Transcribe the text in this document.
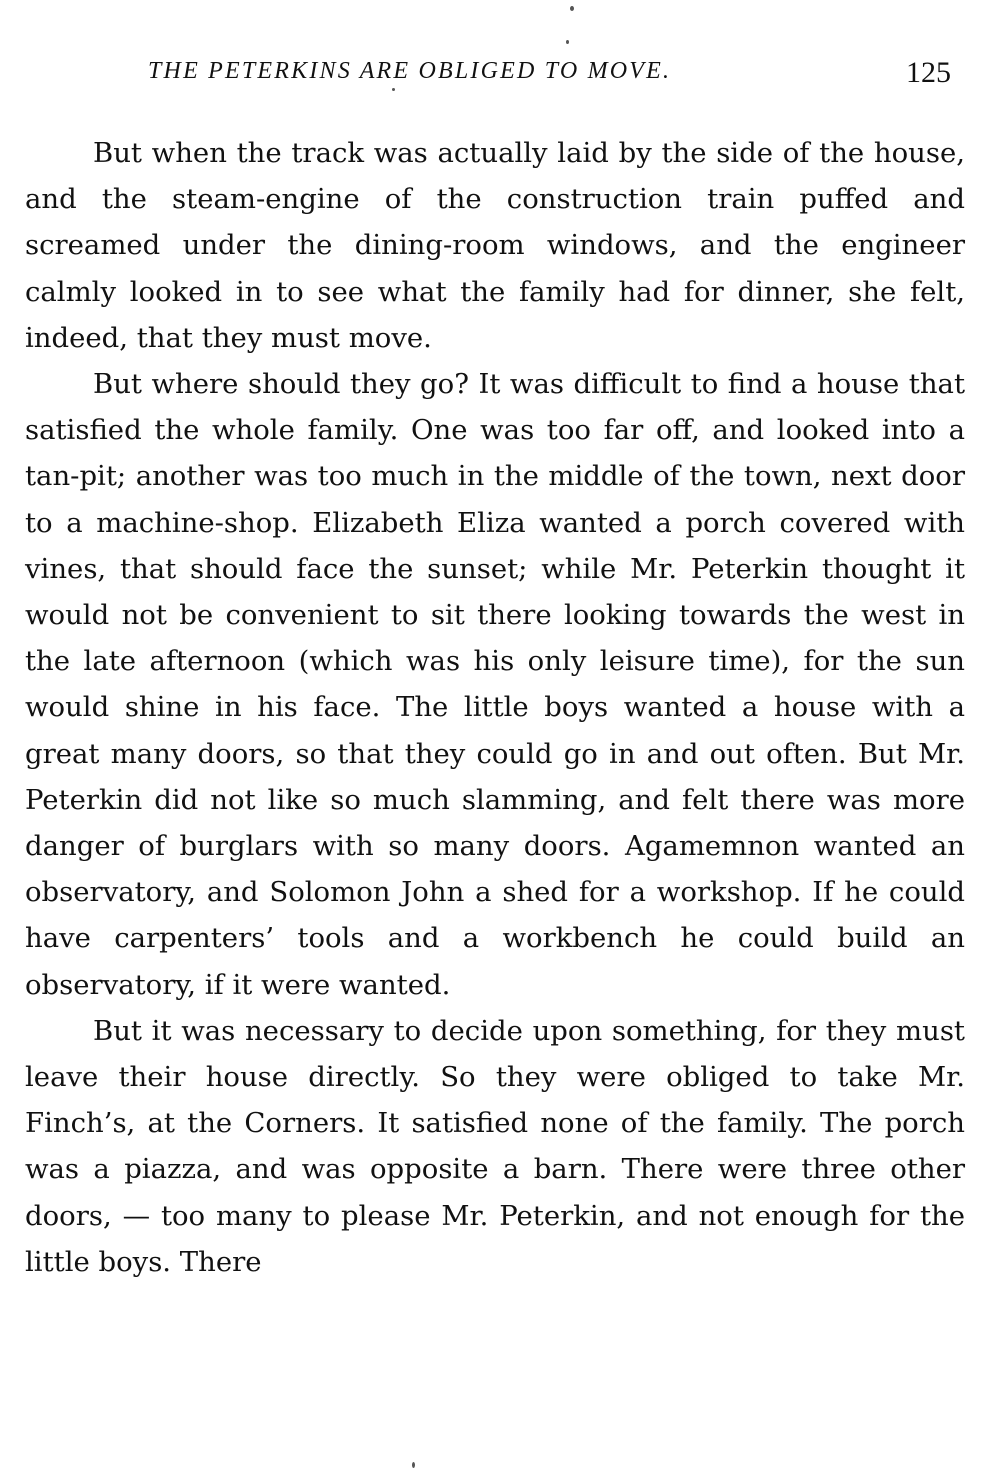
THE PETERKINS ARE OBLIGED TO MOVE.	125

But when the track was actually laid by the side of the house, and the steam-engine of the construction train puffed and screamed under the dining-room windows, and the engineer calmly looked in to see what the family had for dinner, she felt, indeed, that they must move.

But where should they go? It was difficult to find a house that satisfied the whole family. One was too far off, and looked into a tan-pit; another was too much in the middle of the town, next door to a machine-shop. Elizabeth Eliza wanted a porch covered with vines, that should face the sunset; while Mr. Peterkin thought it would not be convenient to sit there looking towards the west in the late afternoon (which was his only leisure time), for the sun would shine in his face. The little boys wanted a house with a great many doors, so that they could go in and out often. But Mr. Peterkin did not like so much slamming, and felt there was more danger of burglars with so many doors. Agamemnon wanted an observatory, and Solomon John a shed for a workshop. If he could have carpenters’ tools and a workbench he could build an observatory, if it were wanted.

But it was necessary to decide upon something, for they must leave their house directly. So they were obliged to take Mr. Finch’s, at the Corners. It satisfied none of the family. The porch was a piazza, and was opposite a barn. There were three other doors, — too many to please Mr. Peterkin, and not enough for the little boys. There
